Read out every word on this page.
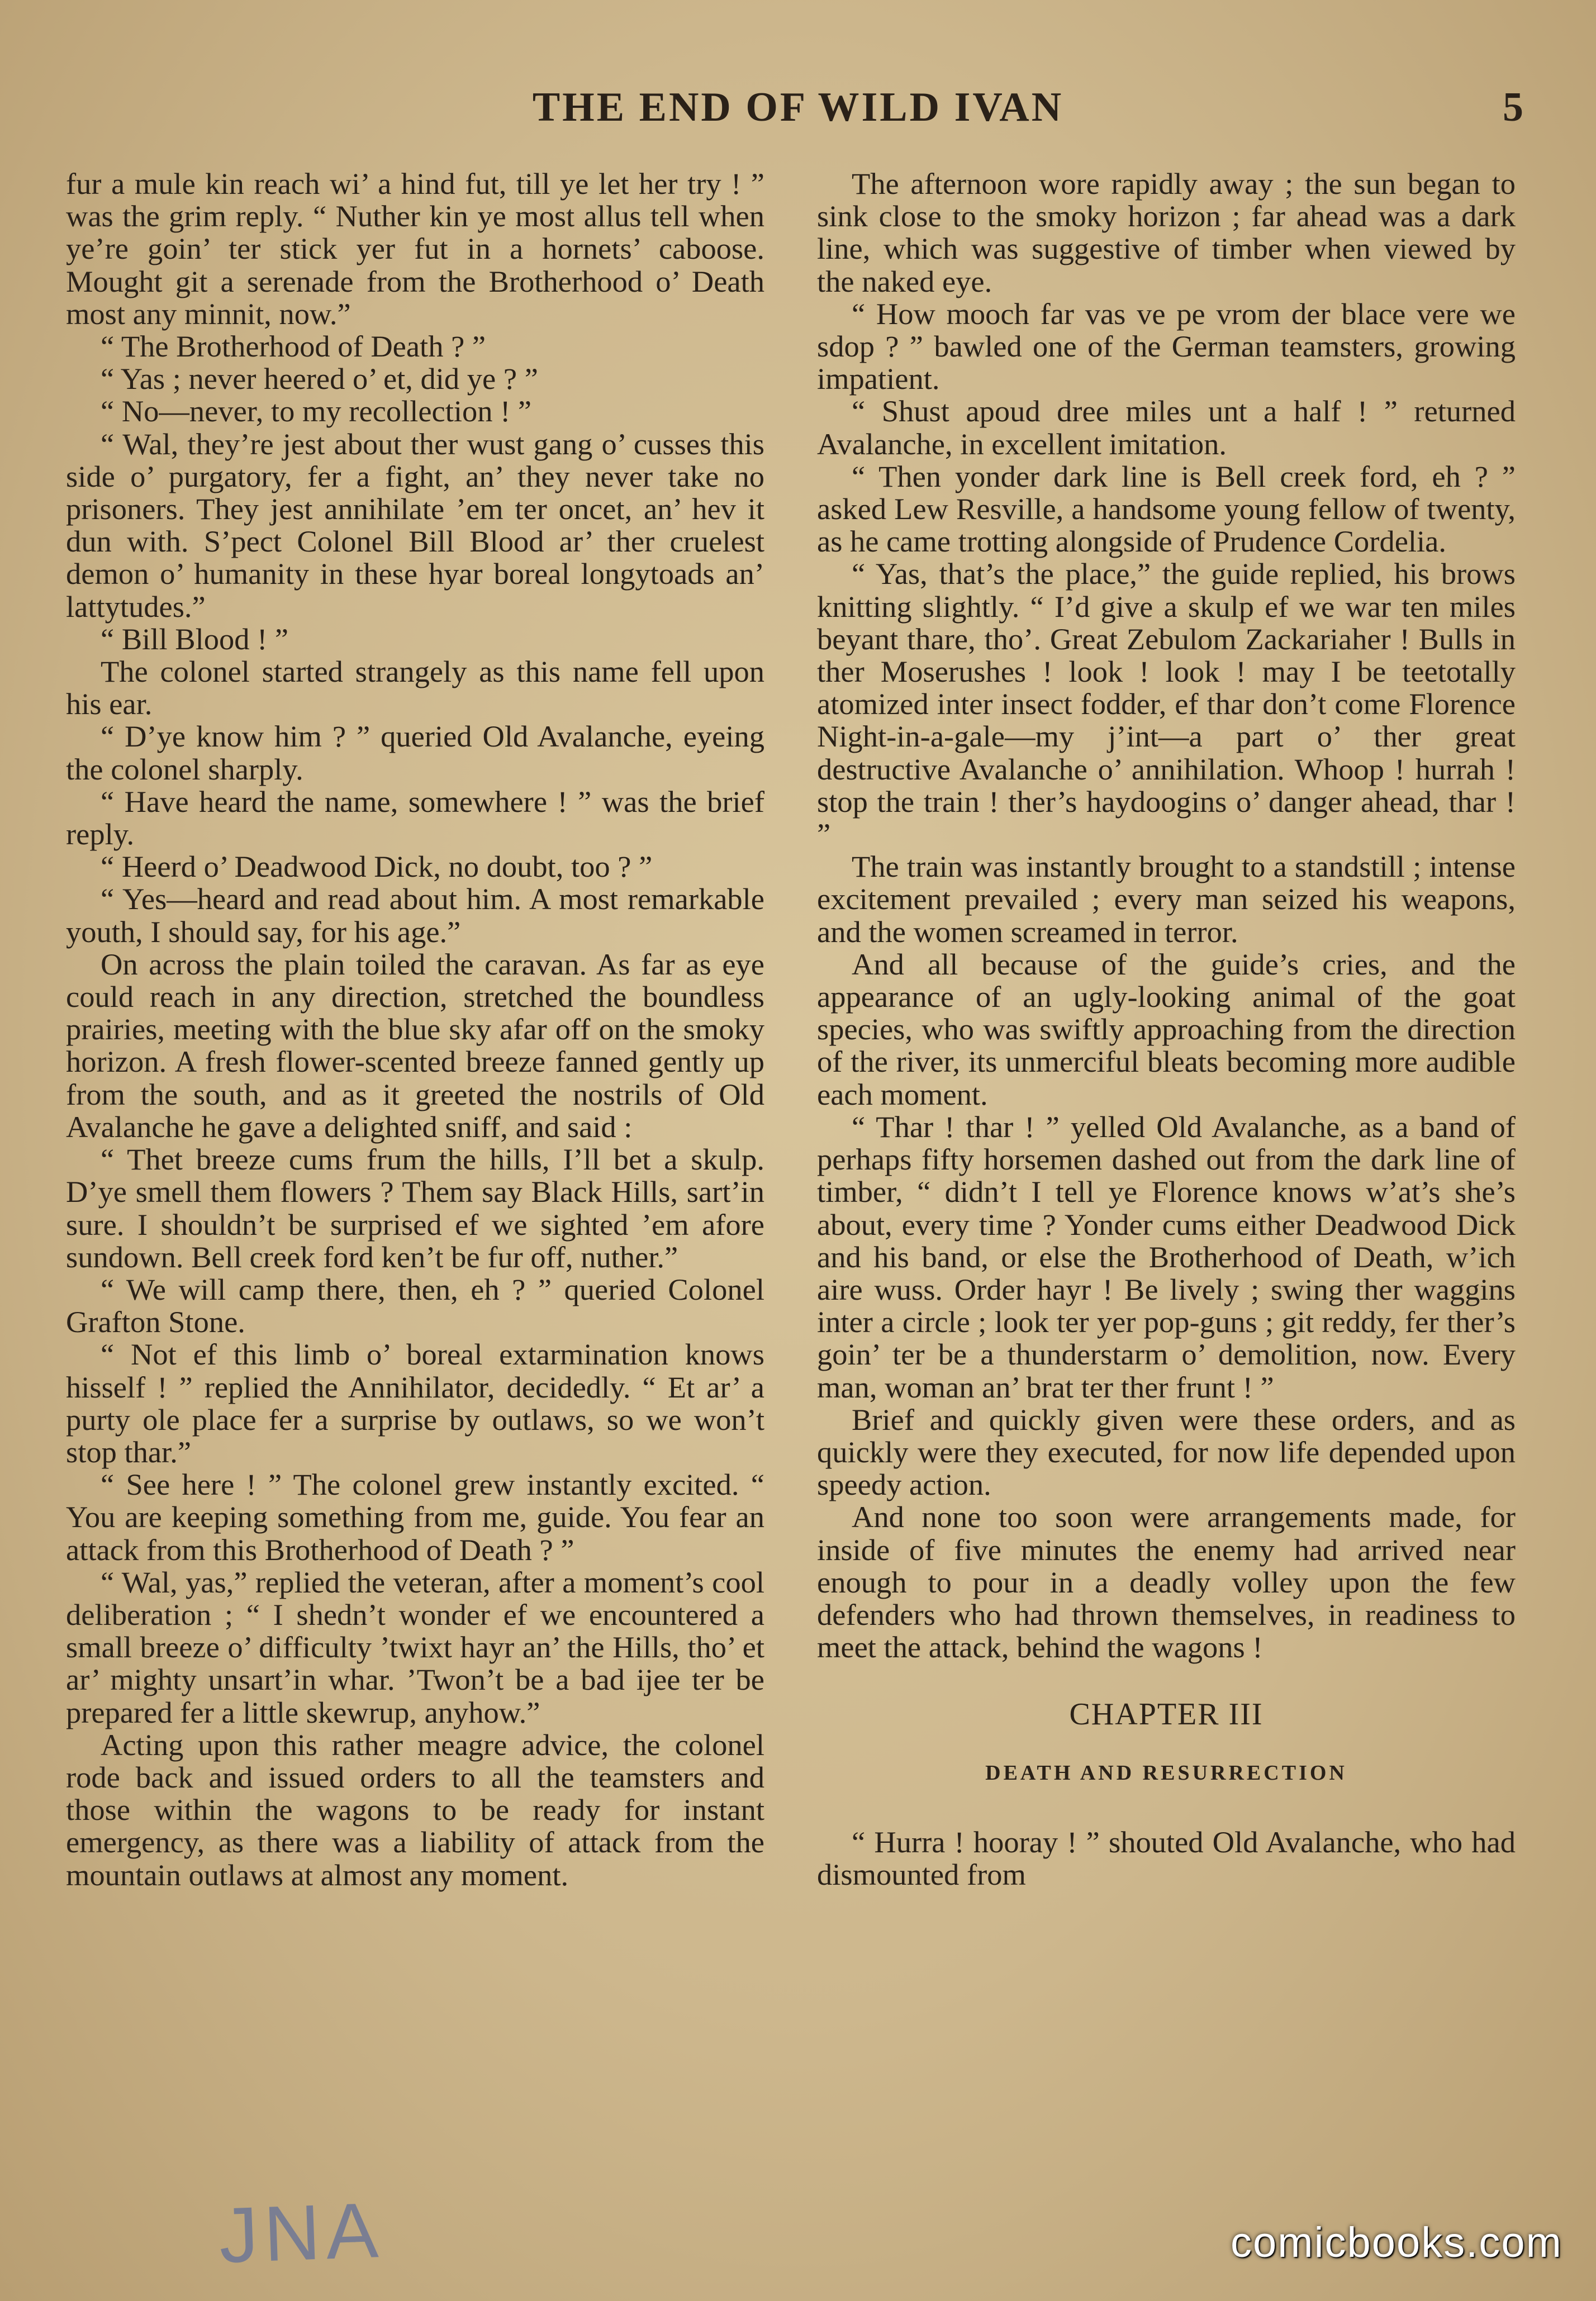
THE END OF WILD IVAN	5

fur a mule kin reach wi’ a hind fut, till ye let her try ! ” was the grim reply. “ Nuther kin ye most allus tell when ye’re goin’ ter stick yer fut in a hornets’ caboose. Mought git a serenade from the Brotherhood o’ Death most any minnit, now.”

“ The Brotherhood of Death ? ”

“ Yas ; never heered o’ et, did ye ? ”

“ No—never, to my recollection ! ”

“ Wal, they’re jest about ther wust gang o’ cusses this side o’ purgatory, fer a fight, an’ they never take no prisoners. They jest annihilate ’em ter oncet, an’ hev it dun with. S’pect Colonel Bill Blood ar’ ther cruelest demon o’ humanity in these hyar boreal longytoads an’ lattytudes.”

“ Bill Blood ! ”

The colonel started strangely as this name fell upon his ear.

“ D’ye know him ? ” queried Old Avalanche, eyeing the colonel sharply.

“ Have heard the name, somewhere ! ” was the brief reply.

“ Heerd o’ Deadwood Dick, no doubt, too ? ”

“ Yes—heard and read about him. A most remarkable youth, I should say, for his age.”

On across the plain toiled the caravan. As far as eye could reach in any direction, stretched the boundless prairies, meeting with the blue sky afar off on the smoky horizon. A fresh flower-scented breeze fanned gently up from the south, and as it greeted the nostrils of Old Avalanche he gave a delighted sniff, and said :

“ Thet breeze cums frum the hills, I’ll bet a skulp. D’ye smell them flowers ? Them say Black Hills, sart’in sure. I shouldn’t be surprised ef we sighted ’em afore sundown. Bell creek ford ken’t be fur off, nuther.”

“ We will camp there, then, eh ? ” queried Colonel Grafton Stone.

“ Not ef this limb o’ boreal extarmination knows hisself ! ” replied the Annihilator, decidedly. “ Et ar’ a purty ole place fer a surprise by outlaws, so we won’t stop thar.”

“ See here ! ” The colonel grew instantly excited. “ You are keeping something from me, guide. You fear an attack from this Brotherhood of Death ? ”

“ Wal, yas,” replied the veteran, after a moment’s cool deliberation ; “ I shedn’t wonder ef we encountered a small breeze o’ difficulty ’twixt hayr an’ the Hills, tho’ et ar’ mighty unsart’in whar. ’Twon’t be a bad ijee ter be prepared fer a little skewrup, anyhow.”

Acting upon this rather meagre advice, the colonel rode back and issued orders to all the teamsters and those within the wagons to be ready for instant emergency, as there was a liability of attack from the mountain outlaws at almost any moment.

The afternoon wore rapidly away ; the sun began to sink close to the smoky horizon ; far ahead was a dark line, which was suggestive of timber when viewed by the naked eye.

“ How mooch far vas ve pe vrom der blace vere we sdop ? ” bawled one of the German teamsters, growing impatient.

“ Shust apoud dree miles unt a half ! ” returned Avalanche, in excellent imitation.

“ Then yonder dark line is Bell creek ford, eh ? ” asked Lew Resville, a handsome young fellow of twenty, as he came trotting alongside of Prudence Cordelia.

“ Yas, that’s the place,” the guide replied, his brows knitting slightly. “ I’d give a skulp ef we war ten miles beyant thare, tho’. Great Zebulom Zackariaher ! Bulls in ther Moserushes ! look ! look ! may I be teetotally atomized inter insect fodder, ef thar don’t come Florence Night-in-a-gale—my j’int—a part o’ ther great destructive Avalanche o’ annihilation. Whoop ! hurrah ! stop the train ! ther’s haydoogins o’ danger ahead, thar ! ”

The train was instantly brought to a standstill ; intense excitement prevailed ; every man seized his weapons, and the women screamed in terror.

And all because of the guide’s cries, and the appearance of an ugly-looking animal of the goat species, who was swiftly approaching from the direction of the river, its unmerciful bleats becoming more audible each moment.

“ Thar ! thar ! ” yelled Old Avalanche, as a band of perhaps fifty horsemen dashed out from the dark line of timber, “ didn’t I tell ye Florence knows w’at’s she’s about, every time ? Yonder cums either Deadwood Dick and his band, or else the Brotherhood of Death, w’ich aire wuss. Order hayr ! Be lively ; swing ther waggins inter a circle ; look ter yer pop-guns ; git reddy, fer ther’s goin’ ter be a thunderstarm o’ demolition, now. Every man, woman an’ brat ter ther frunt ! ”

Brief and quickly given were these orders, and as quickly were they executed, for now life depended upon speedy action.

And none too soon were arrangements made, for inside of five minutes the enemy had arrived near enough to pour in a deadly volley upon the few defenders who had thrown themselves, in readiness to meet the attack, behind the wagons !

CHAPTER III
DEATH AND RESURRECTION

“ Hurra ! hooray ! ” shouted Old Avalanche, who had dismounted from

JNA	comicbooks.com
